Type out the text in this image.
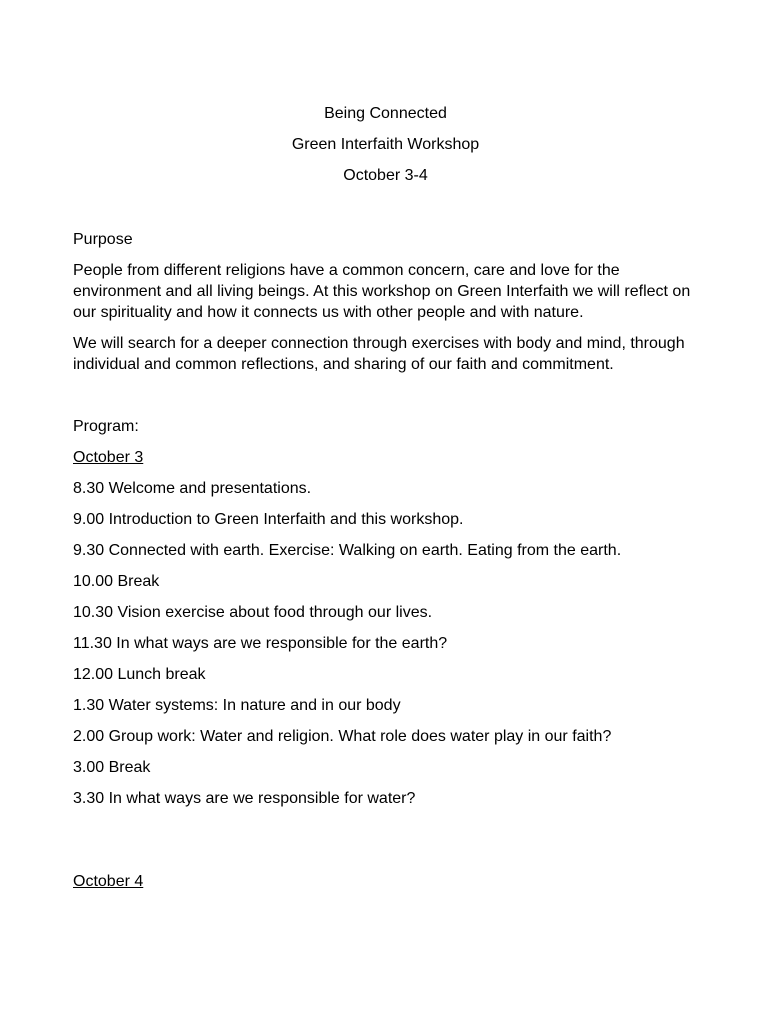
Being Connected
Green Interfaith Workshop
October 3-4
Purpose
People from different religions have a common concern, care and love for the environment and all living beings. At this workshop on Green Interfaith we will reflect on our spirituality and how it connects us with other people and with nature.
We will search for a deeper connection through exercises with body and mind, through individual and common reflections, and sharing of our faith and commitment.
Program:
October 3
8.30 Welcome and presentations.
9.00 Introduction to Green Interfaith and this workshop.
9.30 Connected with earth. Exercise: Walking on earth. Eating from the earth.
10.00 Break
10.30 Vision exercise about food through our lives.
11.30 In what ways are we responsible for the earth?
12.00 Lunch break
1.30 Water systems: In nature and in our body
2.00 Group work: Water and religion. What role does water play in our faith?
3.00 Break
3.30 In what ways are we responsible for water?
October 4
